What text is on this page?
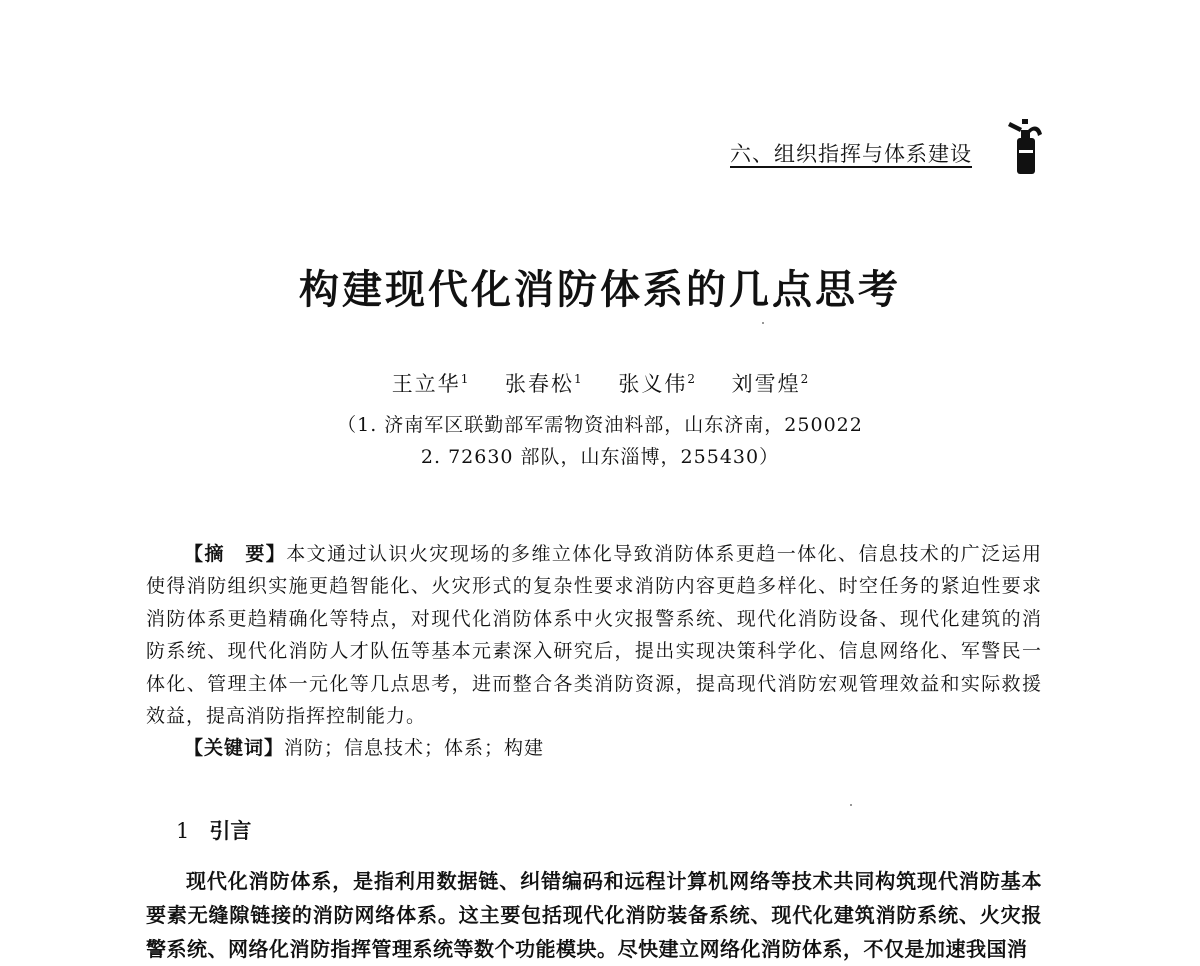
六、组织指挥与体系建设
构建现代化消防体系的几点思考
王立华$^1$ 张春松$^1$ 张义伟$^2$ 刘雪煌$^2$
（1. 济南军区联勤部军需物资油料部，山东济南，250022
2. 72630 部队，山东淄博，255430）
【摘　要】本文通过认识火灾现场的多维立体化导致消防体系更趋一体化、信息技术的广泛运用使得消防组织实施更趋智能化、火灾形式的复杂性要求消防内容更趋多样化、时空任务的紧迫性要求消防体系更趋精确化等特点，对现代化消防体系中火灾报警系统、现代化消防设备、现代化建筑的消防系统、现代化消防人才队伍等基本元素深入研究后，提出实现决策科学化、信息网络化、军警民一体化、管理主体一元化等几点思考，进而整合各类消防资源，提高现代消防宏观管理效益和实际救援效益，提高消防指挥控制能力。
【关键词】消防；信息技术；体系；构建
1 引言
现代化消防体系，是指利用数据链、纠错编码和远程计算机网络等技术共同构筑现代消防基本要素无缝隙链接的消防网络体系。这主要包括现代化消防装备系统、现代化建筑消防系统、火灾报警系统、网络化消防指挥管理系统等数个功能模块。尽快建立网络化消防体系，不仅是加速我国消
